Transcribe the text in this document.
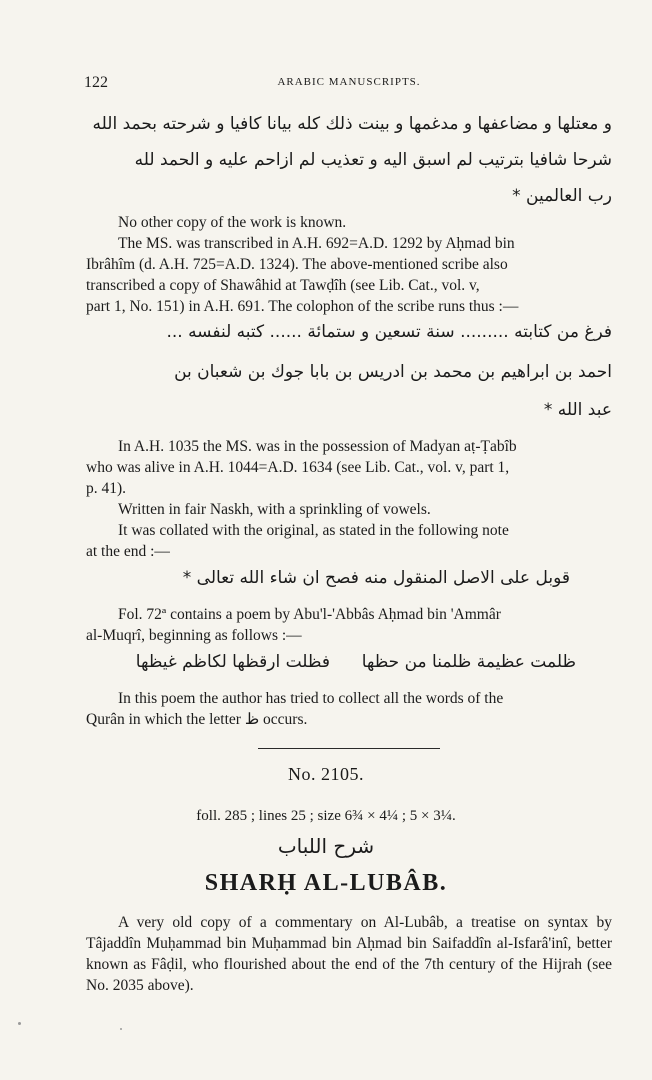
122	ARABIC MANUSCRIPTS.
و معتلها و مضاعفها و مدغمها و بينت ذلك كله بيانا كافيا و شرحته بحمد الله
شرحا شافيا بترتيب لم اسبق اليه و تعذيب لم ازاحم عليه و الحمد لله
رب العالمين *
No other copy of the work is known.
The MS. was transcribed in A.H. 692=A.D. 1292 by Aḥmad bin
Ibrâhîm (d. A.H. 725=A.D. 1324). The above-mentioned scribe also
transcribed a copy of Shawâhid at Tawḍîh (see Lib. Cat., vol. v,
part 1, No. 151) in A.H. 691. The colophon of the scribe runs thus :—
فرغ من كتابته ......... سنة تسعين و ستمائة ...... كتبه لنفسه ...
احمد بن ابراهيم بن محمد بن ادريس بن بابا جوك بن شعبان بن
عبد الله *
In A.H. 1035 the MS. was in the possession of Madyan aṭ-Ṭabîb
who was alive in A.H. 1044=A.D. 1634 (see Lib. Cat., vol. v, part 1,
p. 41).
Written in fair Naskh, with a sprinkling of vowels.
It was collated with the original, as stated in the following note
at the end :—
قوبل على الاصل المنقول منه فصح ان شاء الله تعالى *
Fol. 72ª contains a poem by Abu'l-'Abbâs Aḥmad bin 'Ammâr
al-Muqrî, beginning as follows :—
ظلمت عظيمة ظلمنا من حظها
فظلت ارقظها لكاظم غيظها
In this poem the author has tried to collect all the words of the
Qurân in which the letter ظ occurs.
No. 2105.
foll. 285 ; lines 25 ; size 6¾ × 4¼ ; 5 × 3¼.
شرح اللباب
SHARḤ AL-LUBÂB.
A very old copy of a commentary on Al-Lubâb, a treatise on syntax by Tâjaddîn Muḥammad bin Muḥammad bin Aḥmad bin Saifaddîn al-Isfarâ'inî, better known as Fâḍil, who flourished about the end of the 7th century of the Hijrah (see No. 2035 above).
